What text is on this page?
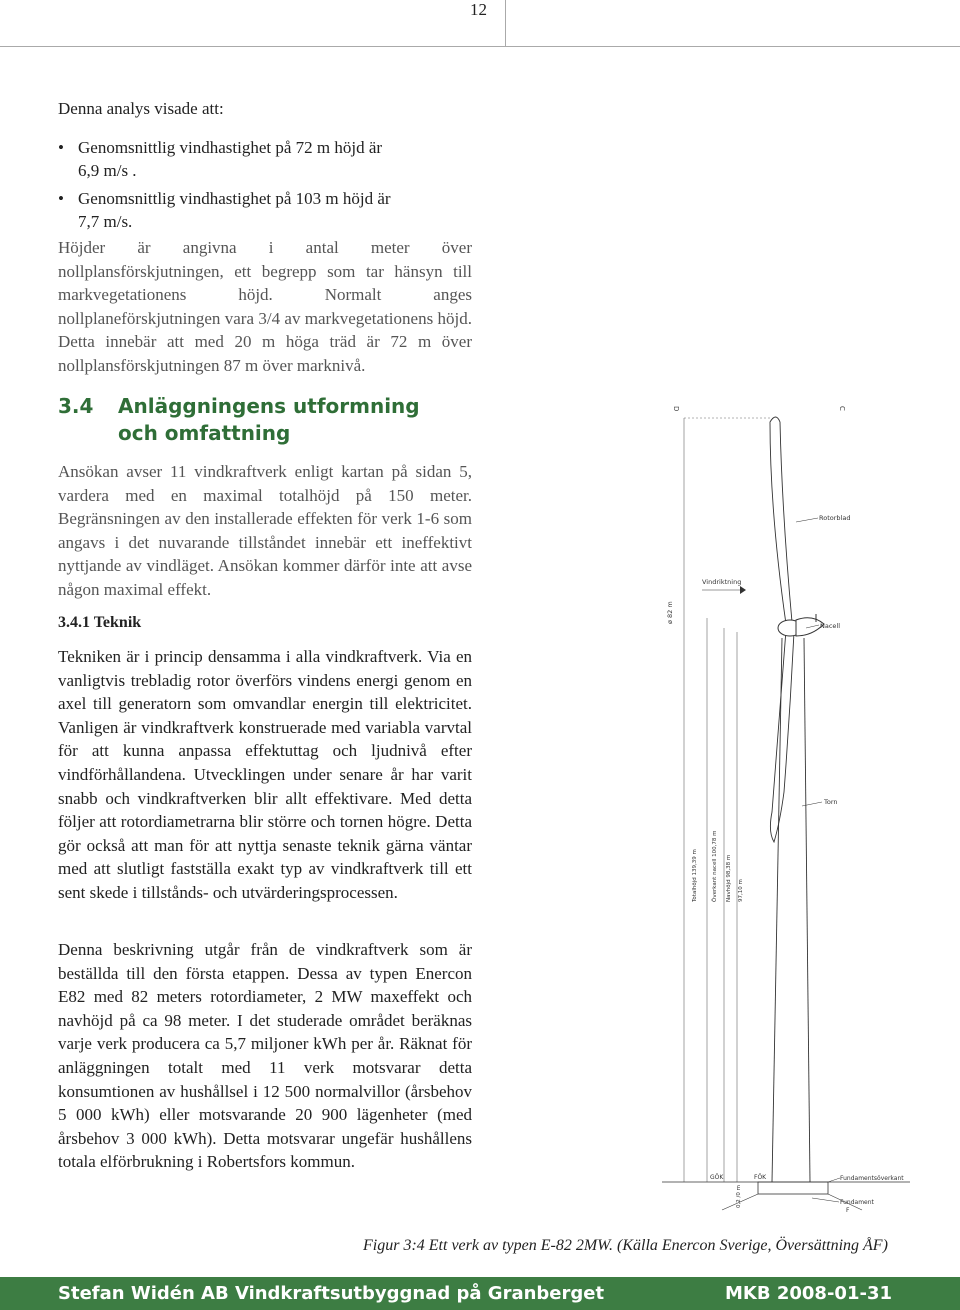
12

Denna analys visade att:

• Genomsnittlig vindhastighet på 72 m höjd är
6,9 m/s .
• Genomsnittlig vindhastighet på 103 m höjd är
7,7 m/s.

Höjder är angivna i antal meter över nollplansförskjutningen, ett begrepp som tar hänsyn till markvegetationens höjd. Normalt anges nollplaneförskjutningen vara 3/4 av markvegetationens höjd. Detta innebär att med 20 m höga träd är 72 m över nollplansförskjutningen 87 m över marknivå.

3.4 Anläggningens utformning
och omfattning
Ansökan avser 11 vindkraftverk enligt kartan på sidan 5, vardera med en maximal totalhöjd på 150 meter. Begränsningen av den installerade effekten för verk 1-6 som angavs i det nuvarande tillståndet innebär ett ineffektivt nyttjande av vindläget. Ansökan kommer därför inte att avse någon maximal effekt.
3.4.1 Teknik
Tekniken är i princip densamma i alla vindkraftverk. Via en vanligtvis trebladig rotor överförs vindens energi genom en axel till generatorn som omvandlar energin till elektricitet. Vanligen är vindkraftverk konstruerade med variabla varvtal för att kunna anpassa effektuttag och ljudnivå efter vindförhållandena. Utvecklingen under senare år har varit snabb och vindkraftverken blir allt effektivare. Med detta följer att rotordiametrarna blir större och tornen högre. Detta gör också att man för att nyttja senaste teknik gärna väntar med att slutligt fastställa exakt typ av vindkraftverk till ett sent skede i tillstånds- och utvärderingsprocessen.
Denna beskrivning utgår från de vindkraftverk som är beställda till den första etappen. Dessa av typen Enercon E82 med 82 meters rotordiameter, 2 MW maxeffekt och navhöjd på ca 98 meter. I det studerade området beräknas varje verk producera ca 5,7 miljoner kWh per år. Räknat för anläggningen totalt med 11 verk motsvarar detta konsumtionen av hushållsel i 12 500 normalvillor (årsbehov 5 000 kWh) eller motsvarande 20 900 lägenheter (med årsbehov 3 000 kWh). Detta motsvarar ungefär hushållens totala elförbrukning i Robertsfors kommun.
D	C
ø 82 m
Rotorblad
Vindriktning
Nacell
Torn
Totalhöjd 139,39 m	Överkant nacell 100,78 m Navhöjd 98,38 m 97,10 m
GÖK	FÖK
0,2 /0 m
Fundamentsöverkant
Fundament
F
Figur 3:4 Ett verk av typen E-82 2MW. (Källa Enercon Sverige, Översättning ÅF)
Stefan Widén AB Vindkraftsutbyggnad på Granberget	MKB 2008-01-31
